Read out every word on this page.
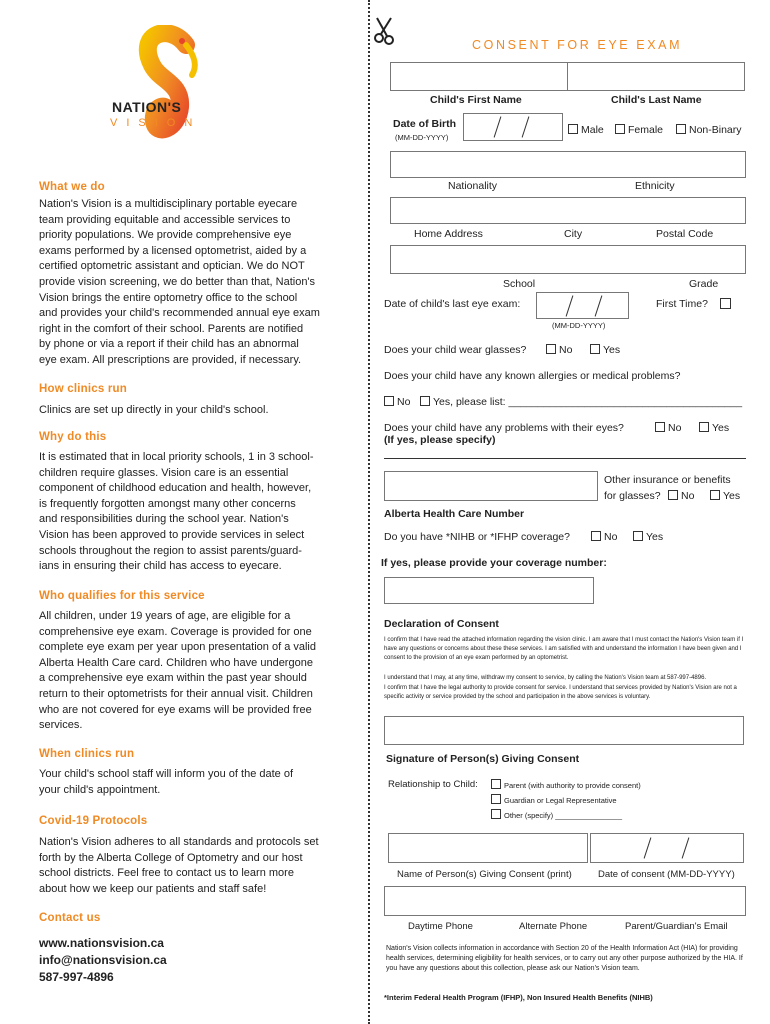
NATION'S
VISION
What we do
Nation's Vision is a multidisciplinary portable eyecare
team providing equitable and accessible services to
priority populations. We provide comprehensive eye
exams performed by a licensed optometrist, aided by a
certified optometric assistant and optician. We do NOT
provide vision screening, we do better than that, Nation's
Vision brings the entire optometry office to the school
and provides your child's recommended annual eye exam
right in the comfort of their school. Parents are notified
by phone or via a report if their child has an abnormal
eye exam. All prescriptions are provided, if necessary.
How clinics run
Clinics are set up directly in your child's school.
Why do this
It is estimated that in local priority schools, 1 in 3 school-
children require glasses. Vision care is an essential
component of childhood education and health, however,
is frequently forgotten amongst many other concerns
and responsibilities during the school year. Nation's
Vision has been approved to provide services in select
schools throughout the region to assist parents/guard-
ians in ensuring their child has access to eyecare.
Who qualifies for this service
All children, under 19 years of age, are eligible for a
comprehensive eye exam. Coverage is provided for one
complete eye exam per year upon presentation of a valid
Alberta Health Care card. Children who have undergone
a comprehensive eye exam within the past year should
return to their optometrists for their annual visit. Children
who are not covered for eye exams will be provided free
services.
When clinics run
Your child's school staff will inform you of the date of
your child's appointment.
Covid-19 Protocols
Nation's Vision adheres to all standards and protocols set
forth by the Alberta College of Optometry and our host
school districts. Feel free to contact us to learn more
about how we keep our patients and staff safe!
Contact us
www.nationsvision.ca
info@nationsvision.ca
587-997-4896
CONSENT FOR EYE EXAM
Child's First Name	Child's Last Name
Date of Birth
(MM-DD-YYYY)
Male	Female	Non-Binary
Nationality	Ethnicity
Home Address	City	Postal Code
School	Grade
Date of child's last eye exam:
(MM-DD-YYYY)
First Time?
Does your child wear glasses?	No	Yes
Does your child have any known allergies or medical problems?
No	Yes, please list: ________________________________________
Does your child have any problems with their eyes?	No	Yes
(If yes, please specify)
Other insurance or benefits
for glasses?	No	Yes
Alberta Health Care Number
Do you have *NIHB or *IFHP coverage?	No	Yes
If yes, please provide your coverage number:
Declaration of Consent
I confirm that I have read the attached information regarding the vision clinic. I am aware that I must contact the Nation's Vision team if I have any questions or concerns about these these services. I am satisfied with and understand the information I have been given and I consent to the provision of an eye exam performed by an optometrist.
I understand that I may, at any time, withdraw my consent to service, by calling the Nation's Vision team at 587-997-4896.
I confirm that I have the legal authority to provide consent for service. I understand that services provided by Nation's Vision are not a specific activity or service provided by the school and participation in the above services is voluntary.
Signature of Person(s) Giving Consent
Relationship to Child:	Parent (with authority to provide consent)
Guardian or Legal Representative
Other (specify) ________________
Name of Person(s) Giving Consent (print)	Date of consent (MM-DD-YYYY)
Daytime Phone	Alternate Phone	Parent/Guardian's Email
Nation's Vision collects information in accordance with Section 20 of the Health Information Act (HIA) for providing health services, determining eligibility for health services, or to carry out any other purpose authorized by the HIA. If you have any questions about this collection, please ask our Nation's Vision team.
*Interim Federal Health Program (IFHP), Non Insured Health Benefits (NIHB)
